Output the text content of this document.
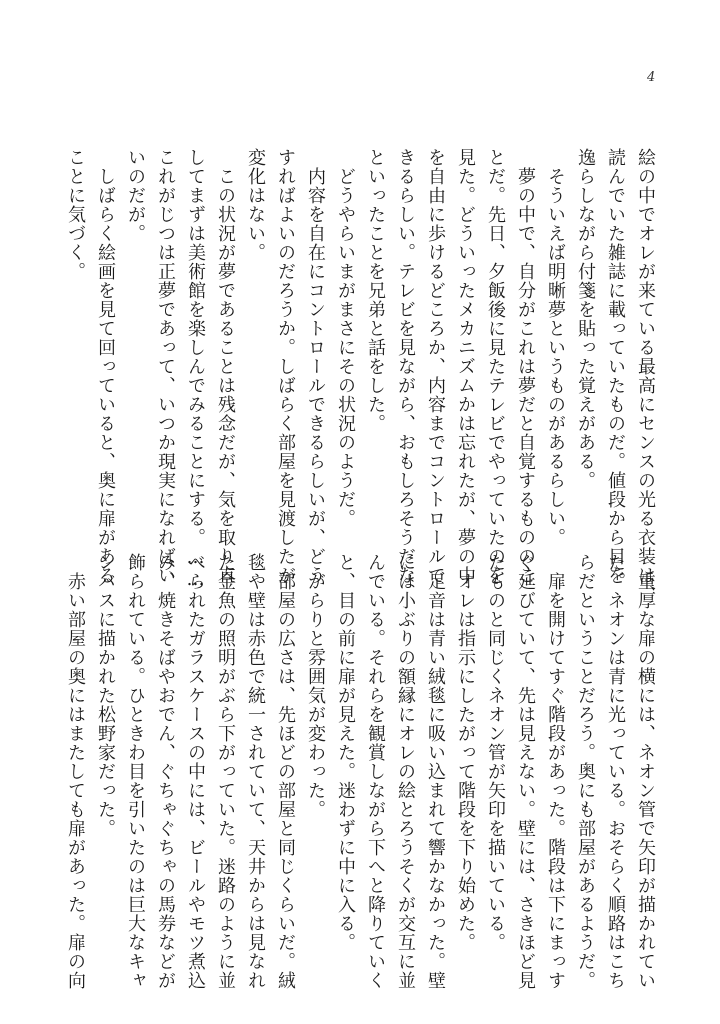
4

絵の中でオレが来ている最高にセンスの光る衣装は、

読んでいた雑誌に載っていたものだ。値段から目を

逸らしながら付箋を貼った覚えがある。

　そういえば明晰夢というものがあるらしい。

　夢の中で、自分がこれは夢だと自覚するもののこ

とだ。先日、夕飯後に見たテレビでやっていたのを

見た。どういったメカニズムかは忘れたが、夢の中

を自由に歩けるどころか、内容までコントロールで

きるらしい。テレビを見ながら、おもしろそうだな

といったことを兄弟と話をした。

　どうやらいまがまさにその状況のようだ。

　内容を自在にコントロールできるらしいが、どう

すればよいのだろうか。しばらく部屋を見渡したが

変化はない。

　この状況が夢であることは残念だが、気を取り直

してまずは美術館を楽しんでみることにする。……

これがじつは正夢であって、いつか現実になればい

いのだが。

　しばらく絵画を見て回っていると、奥に扉がある

ことに気づく。

　重厚な扉の横には、ネオン管で矢印が描かれてい

た。ネオンは青に光っている。おそらく順路はこち

らだということだろう。奥にも部屋があるようだ。

　扉を開けてすぐ階段があった。階段は下にまっす

ぐ延びていて、先は見えない。壁には、さきほど見

たものと同じくネオン管が矢印を描いている。

　オレは指示にしたがって階段を下り始めた。

　足音は青い絨毯に吸い込まれて響かなかった。壁

には小ぶりの額縁にオレの絵とろうそくが交互に並

んでいる。それらを観賞しながら下へと降りていく

と、目の前に扉が見えた。迷わずに中に入る。

　がらりと雰囲気が変わった。

　部屋の広さは、先ほどの部屋と同じくらいだ。絨

毯や壁は赤色で統一されていて、天井からは見なれ

た金魚の照明がぶら下がっていた。迷路のように並

べられたガラスケースの中には、ビールやモツ煮込

み、焼きそばやおでん、ぐちゃぐちゃの馬券などが

飾られている。ひときわ目を引いたのは巨大なキャ

ンバスに描かれた松野家だった。

　赤い部屋の奥にはまたしても扉があった。扉の向
